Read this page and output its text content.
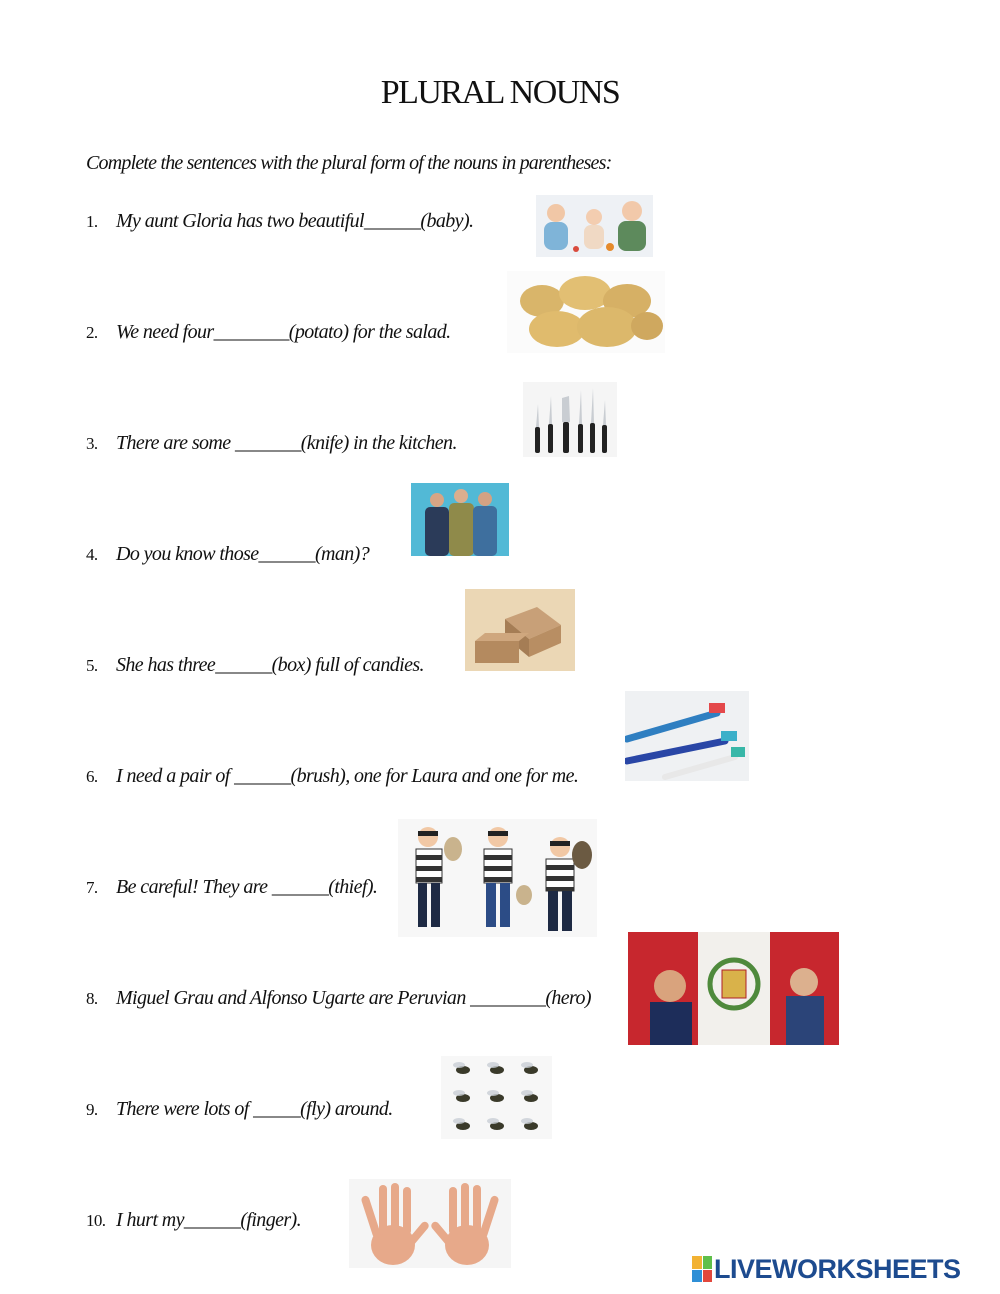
PLURAL NOUNS
Complete the sentences with the plural form of the nouns in parentheses:
1. My aunt Gloria has two beautiful______(baby).
2. We need four________(potato) for the salad.
3. There are some _______(knife) in the kitchen.
4. Do you know those______(man)?
5. She has three______(box) full of candies.
6. I need a pair of ______(brush), one for Laura and one for me.
7. Be careful! They are ______(thief).
8. Miguel Grau and Alfonso Ugarte are Peruvian ________(hero)
9. There were lots of _____(fly) around.
10. I hurt my______(finger).
LIVEWORKSHEETS
